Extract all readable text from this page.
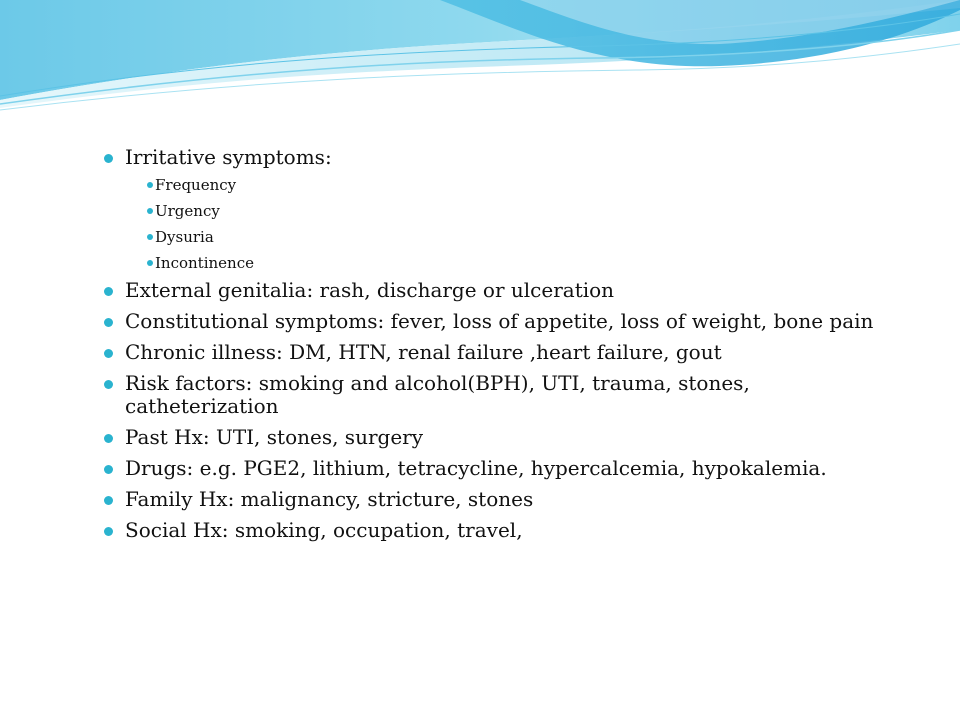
Irritative symptoms:
Frequency
Urgency
Dysuria
Incontinence
External genitalia: rash, discharge or ulceration
Constitutional symptoms: fever, loss of appetite, loss of weight, bone pain
Chronic illness: DM, HTN, renal failure ,heart failure, gout
Risk factors: smoking and alcohol(BPH), UTI, trauma, stones, catheterization
Past Hx: UTI, stones, surgery
Drugs: e.g. PGE2, lithium, tetracycline, hypercalcemia, hypokalemia.
Family Hx: malignancy, stricture, stones
Social Hx: smoking, occupation, travel,
